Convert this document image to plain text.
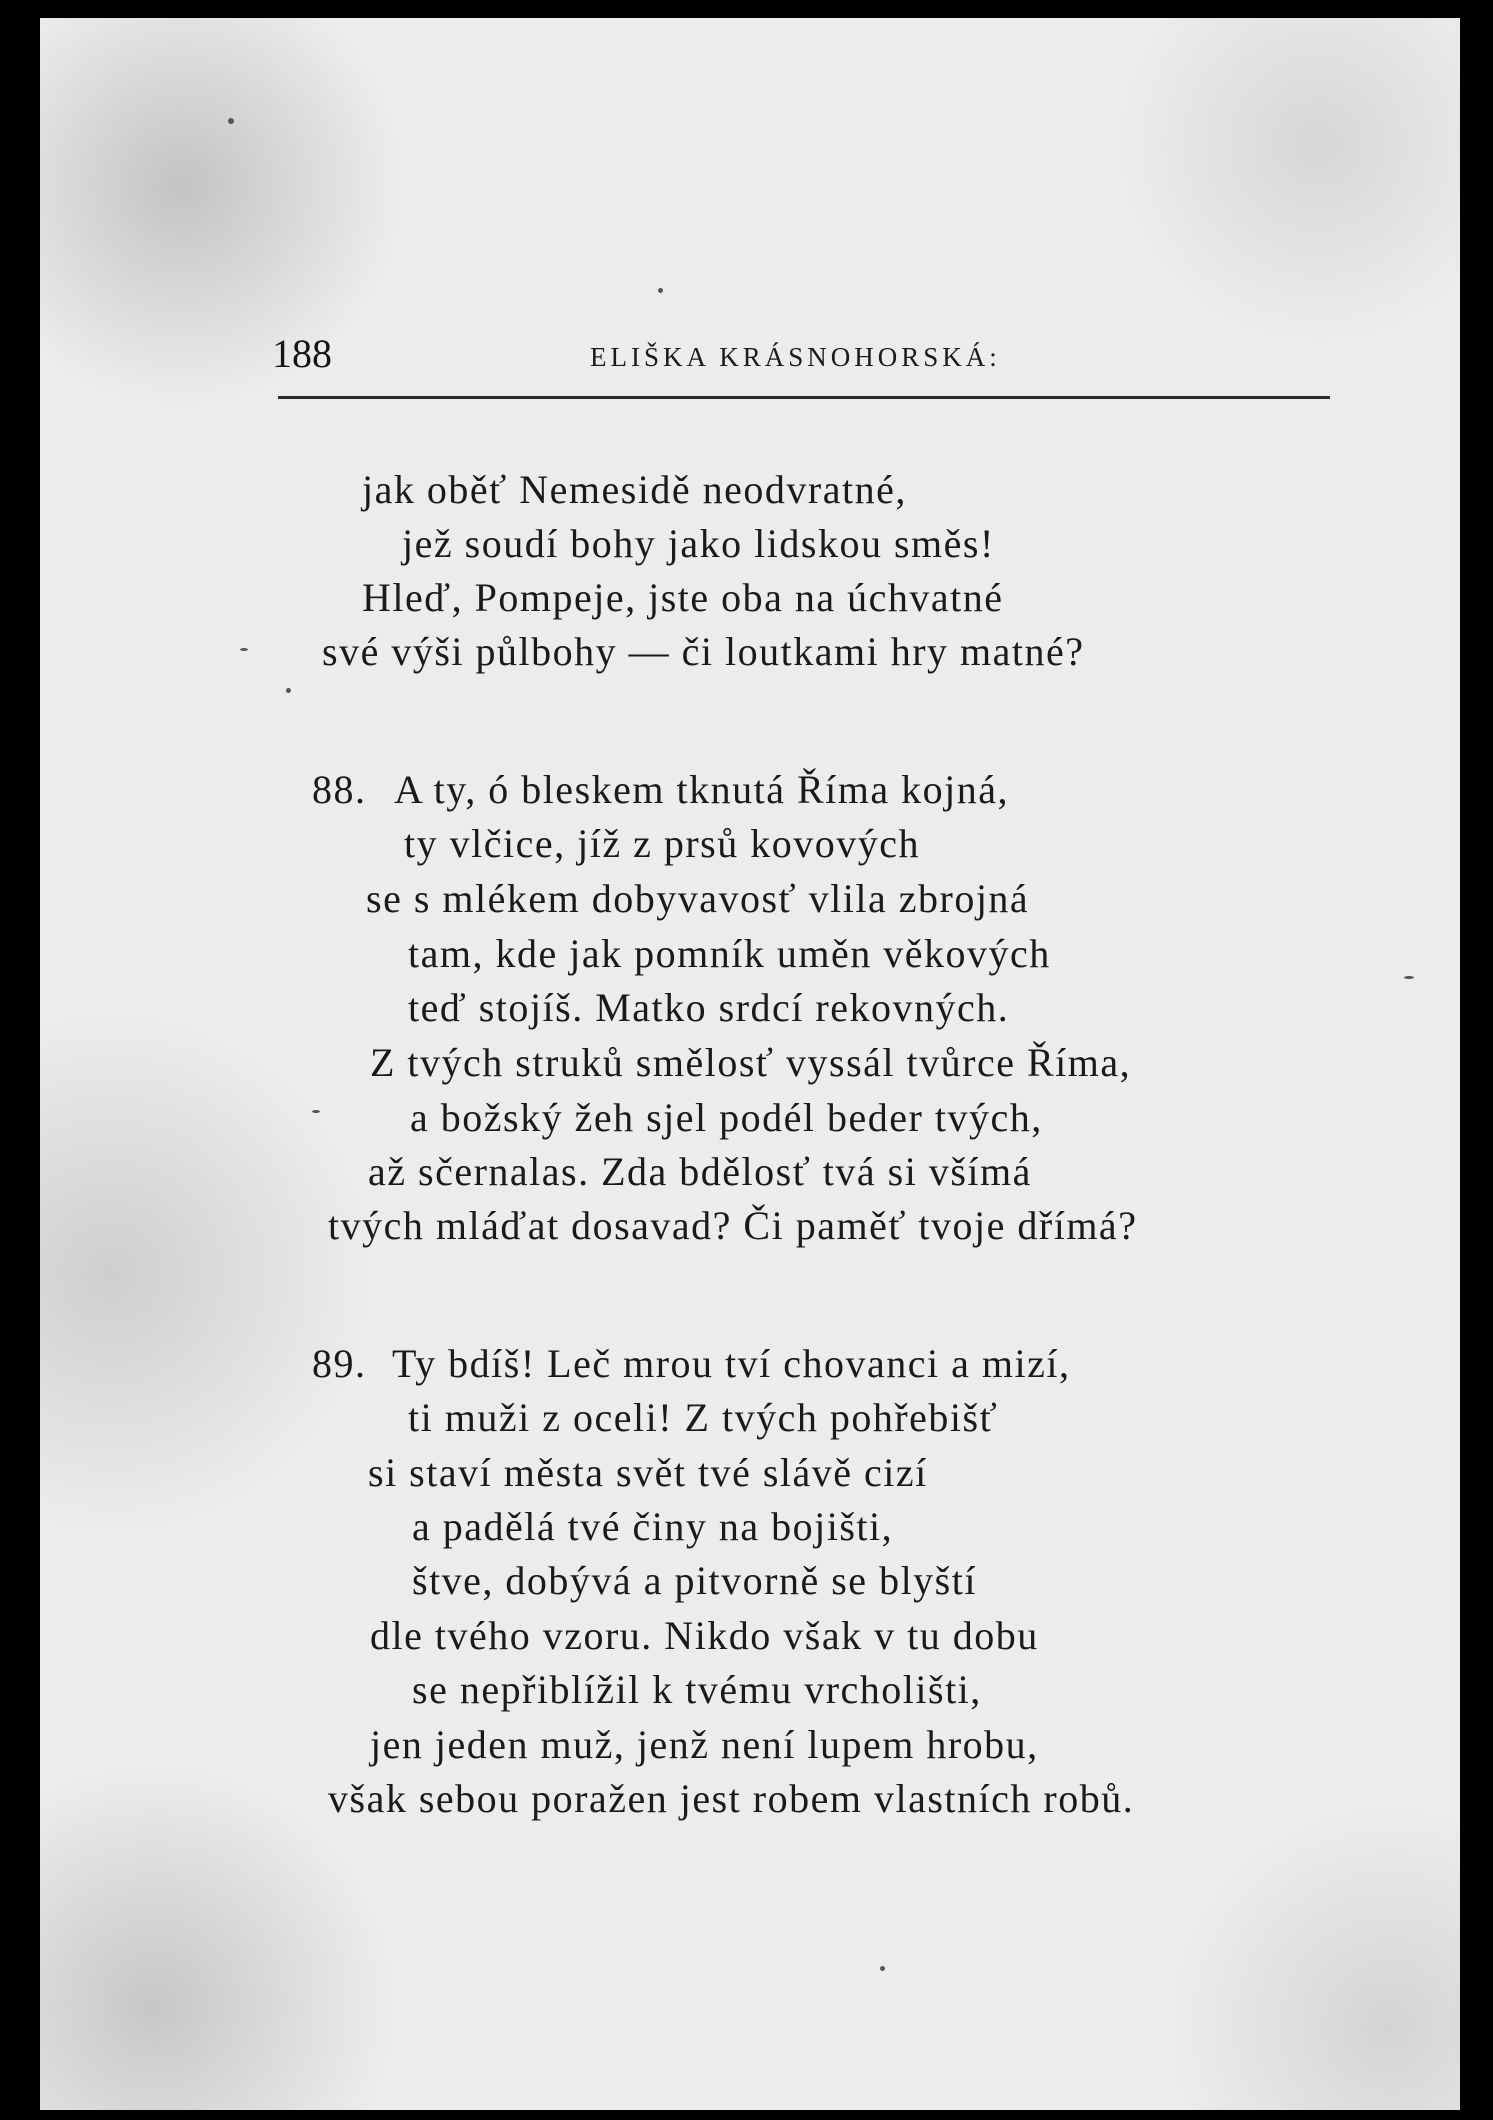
188	ELIŠKA KRÁSNOHORSKÁ:
jak oběť Nemesidě neodvratné,
jež soudí bohy jako lidskou směs!
Hleď, Pompeje, jste oba na úchvatné
své výši půlbohy — či loutkami hry matné?
88. A ty, ó bleskem tknutá Říma kojná,
ty vlčice, jíž z prsů kovových
se s mlékem dobyvavosť vlila zbrojná
tam, kde jak pomník uměn věkových
teď stojíš. Matko srdcí rekovných.
Z tvých struků smělosť vyssál tvůrce Říma,
a božský žeh sjel podél beder tvých,
až sčernalas. Zda bdělosť tvá si všímá
tvých mláďat dosavad? Či paměť tvoje dřímá?
89. Ty bdíš! Leč mrou tví chovanci a mizí,
ti muži z oceli! Z tvých pohřebišť
si staví města svět tvé slávě cizí
a padělá tvé činy na bojišti,
štve, dobývá a pitvorně se blyští
dle tvého vzoru. Nikdo však v tu dobu
se nepřiblížil k tvému vrcholišti,
jen jeden muž, jenž není lupem hrobu,
však sebou poražen jest robem vlastních robů.
